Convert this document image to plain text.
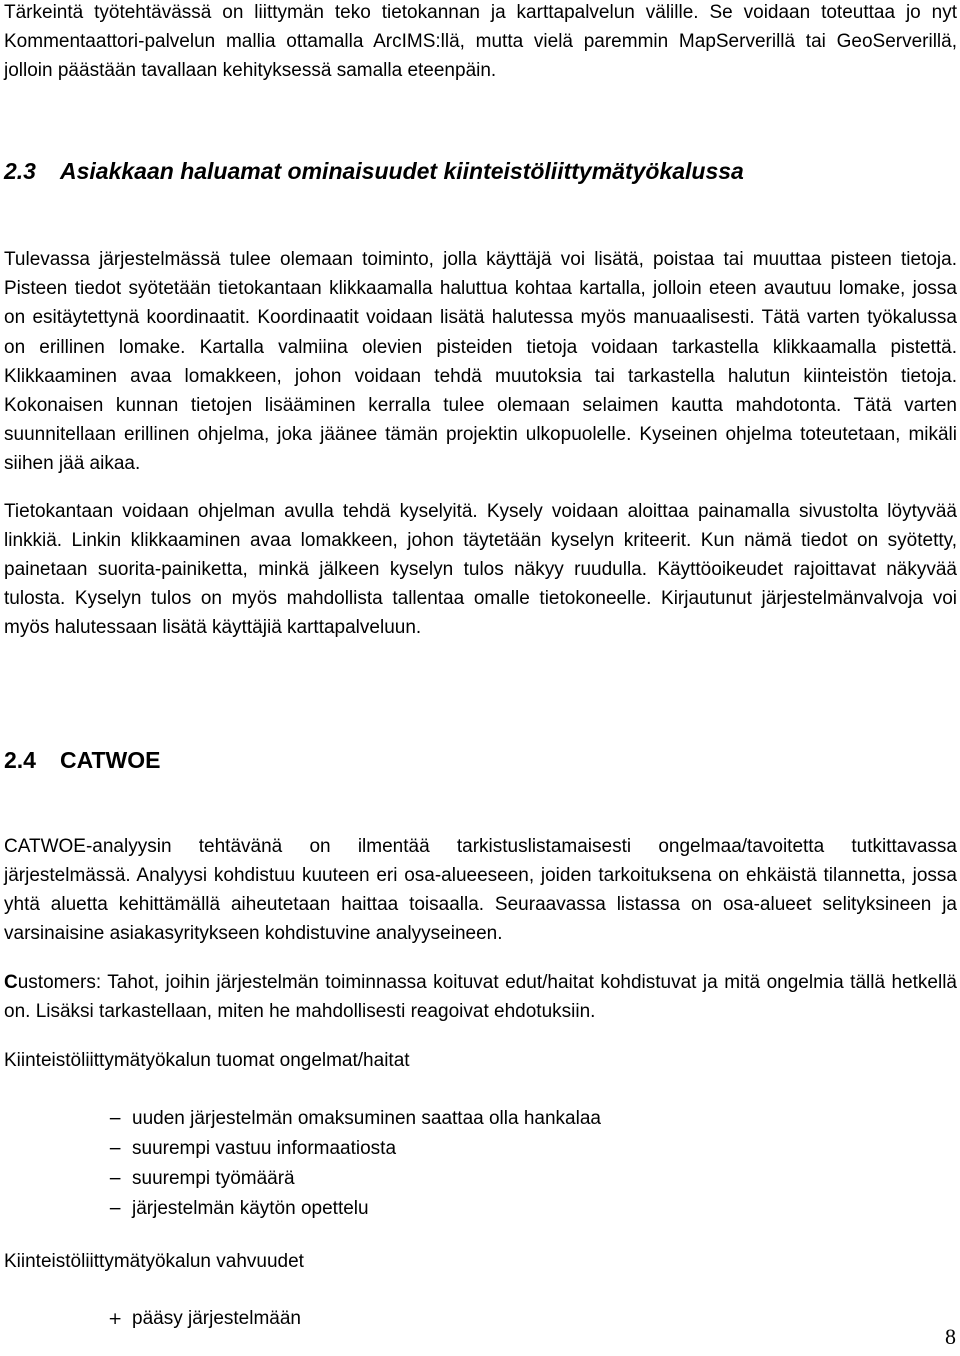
Tärkeintä työtehtävässä on liittymän teko tietokannan ja karttapalvelun välille. Se voidaan toteuttaa jo nyt Kommentaattori-palvelun mallia ottamalla ArcIMS:llä, mutta vielä paremmin MapServerillä tai GeoServerillä, jolloin päästään tavallaan kehityksessä samalla eteenpäin.

2.3 Asiakkaan haluamat ominaisuudet kiinteistöliittymätyökalussa

Tulevassa järjestelmässä tulee olemaan toiminto, jolla käyttäjä voi lisätä, poistaa tai muuttaa pisteen tietoja. Pisteen tiedot syötetään tietokantaan klikkaamalla haluttua kohtaa kartalla, jolloin eteen avautuu lomake, jossa on esitäytettynä koordinaatit. Koordinaatit voidaan lisätä halutessa myös manuaalisesti. Tätä varten työkalussa on erillinen lomake. Kartalla valmiina olevien pisteiden tietoja voidaan tarkastella klikkaamalla pistettä. Klikkaaminen avaa lomakkeen, johon voidaan tehdä muutoksia tai tarkastella halutun kiinteistön tietoja. Kokonaisen kunnan tietojen lisääminen kerralla tulee olemaan selaimen kautta mahdotonta. Tätä varten suunnitellaan erillinen ohjelma, joka jäänee tämän projektin ulkopuolelle. Kyseinen ohjelma toteutetaan, mikäli siihen jää aikaa.

Tietokantaan voidaan ohjelman avulla tehdä kyselyitä. Kysely voidaan aloittaa painamalla sivustolta löytyvää linkkiä. Linkin klikkaaminen avaa lomakkeen, johon täytetään kyselyn kriteerit. Kun nämä tiedot on syötetty, painetaan suorita-painiketta, minkä jälkeen kyselyn tulos näkyy ruudulla. Käyttöoikeudet rajoittavat näkyvää tulosta. Kyselyn tulos on myös mahdollista tallentaa omalle tietokoneelle. Kirjautunut järjestelmänvalvoja voi myös halutessaan lisätä käyttäjiä karttapalveluun.

2.4 CATWOE

CATWOE-analyysin tehtävänä on ilmentää tarkistuslistamaisesti ongelmaa/tavoitetta tutkittavassa järjestelmässä. Analyysi kohdistuu kuuteen eri osa-alueeseen, joiden tarkoituksena on ehkäistä tilannetta, jossa yhtä aluetta kehittämällä aiheutetaan haittaa toisaalla. Seuraavassa listassa on osa-alueet selityksineen ja varsinaisine asiakasyritykseen kohdistuvine analyyseineen.

Customers: Tahot, joihin järjestelmän toiminnassa koituvat edut/haitat kohdistuvat ja mitä ongelmia tällä hetkellä on. Lisäksi tarkastellaan, miten he mahdollisesti reagoivat ehdotuksiin.

Kiinteistöliittymätyökalun tuomat ongelmat/haitat

− uuden järjestelmän omaksuminen saattaa olla hankalaa
− suurempi vastuu informaatiosta
− suurempi työmäärä
− järjestelmän käytön opettelu

Kiinteistöliittymätyökalun vahvuudet

+ pääsy järjestelmään
8
